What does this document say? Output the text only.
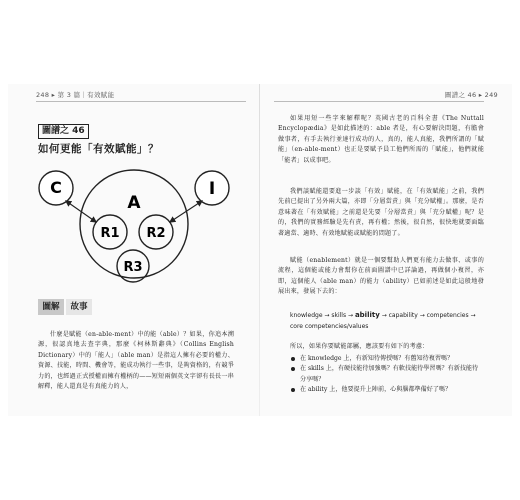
248 ▸ 第 3 篇｜有效賦能
圖譜之 46
如何更能「有效賦能」？
C
A
I
R1 R2
R3
圖解	故事

什麼是賦能（en-able-ment）中的能（able）？如果，你追本溯源，很認真地去查字典，那麼《柯林斯辭典》（Collins English Dictionary）中的「能人」（able man）是指這人擁有必要的權力、資源、技能，時間、機會等，能成功執行一些事，是夠資格的，有競爭力的，也經過正式授權而擁有權柄的——短短兩個英文字卻有長長一串解釋，能人還真是有真能力的人，

圖譜之 46 ▸ 249

如果用短一些字來解釋呢？英國古老的百科全書《The Nuttall Encyclopædia》是如此描述的：able 者是，有心要解決問題，有膽會做事者，有手去執行並達行成功的人，真的，能人真能，我們所謂的「賦能」（en-able-ment）也正是要賦予員工他們所需的「賦能」，他們就能「能者」以成事吧。

我們談賦能還要進一步談「有效」賦能，在「有效賦能」之前，我們先前已提出了另外兩大篇，亦即「分層當責」與「充分賦權」。那麼，是否意味著在「有效賦能」之前還是先要「分層當責」與「充分賦權」呢？是的，我們的實務經驗是先有責，再有權；然後，很自然，很快地就要面臨著適當、適時、有效地賦能或賦能的問題了。

賦能（enablement）就是一個要幫助人們更有能力去做事、或事的流程，這個能或能力會幫你在前面圖譜中已詳論過，再做個小複習，亦即，這個能人（able man）的能力（ability）已如前述是如此這般地發展出來，發展下去的：

knowledge → skills → ability → capability → competencies → core competencies/values

所以，如果你要賦能部屬，應該要有如下的考慮：

在 knowledge 上，有新知待傳授嗎？有舊知待複習嗎？
在 skills 上，有硬技能待加強嗎？有軟技能待學習嗎？有新技能待分享嗎？
在 ability 上，他要提升上陣前，心與腦都準備好了嗎？
